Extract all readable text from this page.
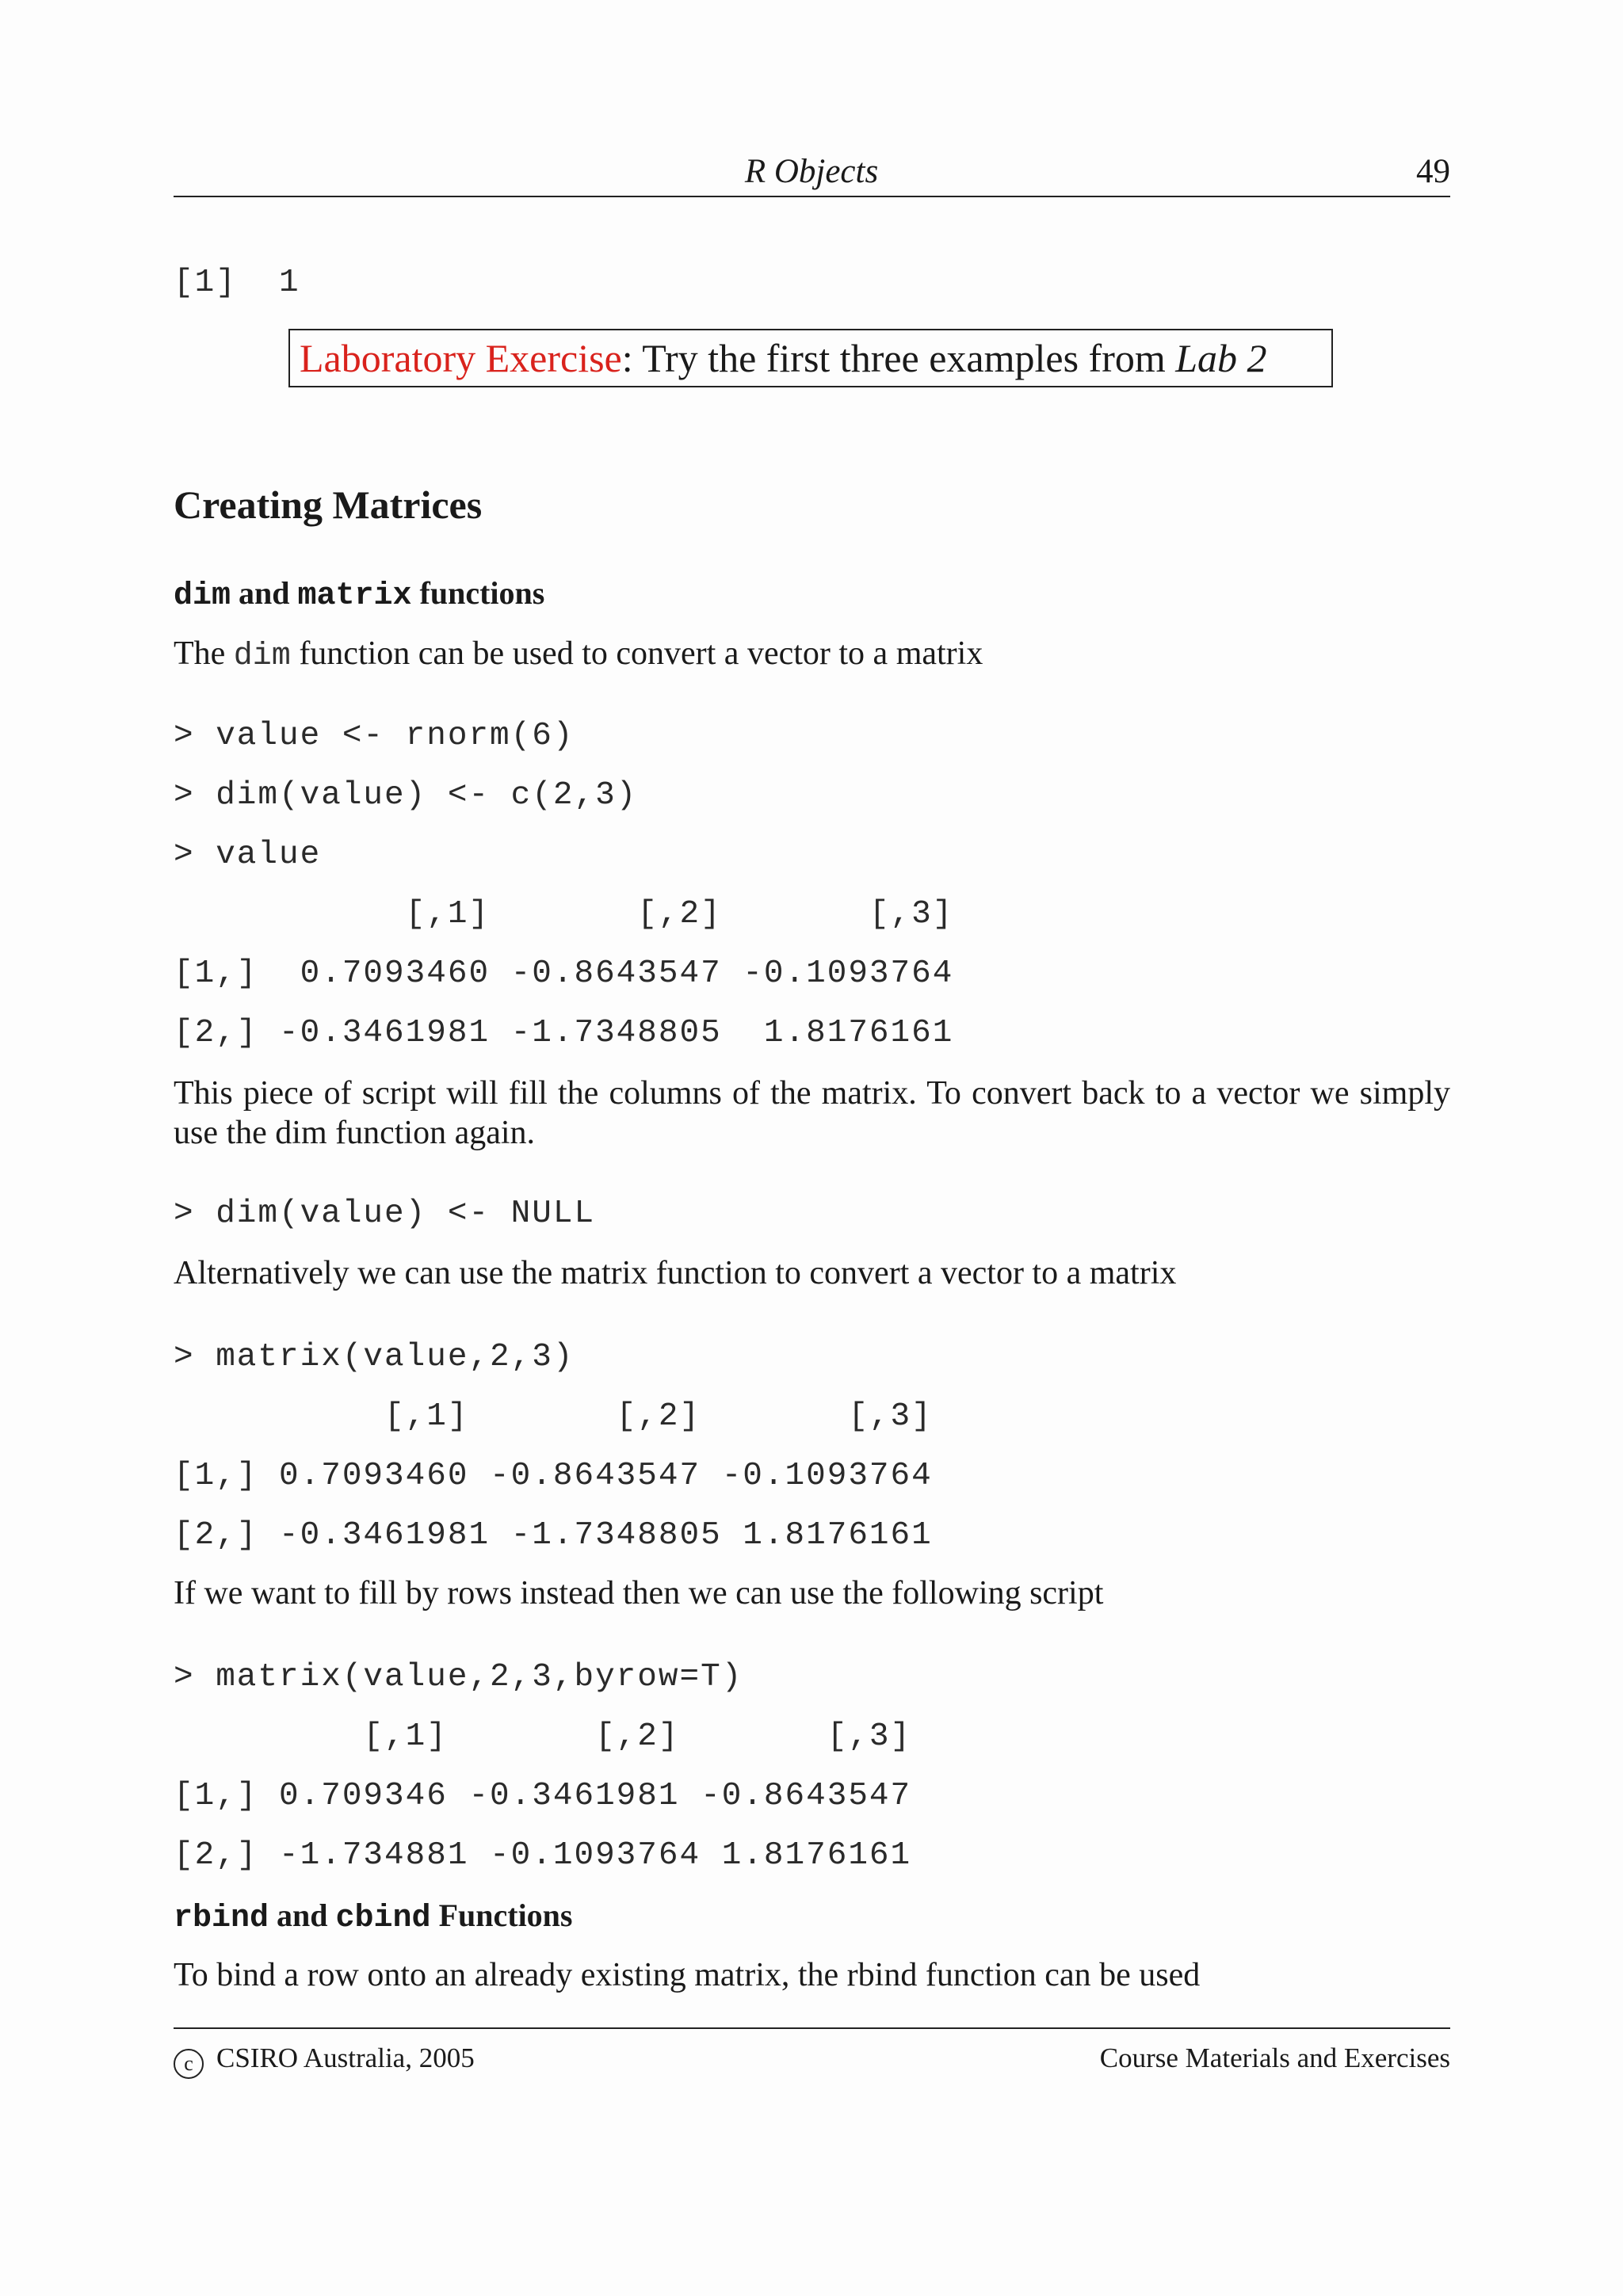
R Objects	49
[1]  1
Laboratory Exercise: Try the first three examples from Lab 2
Creating Matrices
dim and matrix functions
The dim function can be used to convert a vector to a matrix
> value <- rnorm(6)
> dim(value) <- c(2,3)
> value
[,1]       [,2]       [,3]
[1,]  0.7093460 -0.8643547 -0.1093764
[2,] -0.3461981 -1.7348805  1.8176161
This piece of script will fill the columns of the matrix. To convert back to a vector we simply use the dim function again.
> dim(value) <- NULL
Alternatively we can use the matrix function to convert a vector to a matrix
> matrix(value,2,3)
[,1]       [,2]       [,3]
[1,] 0.7093460 -0.8643547 -0.1093764
[2,] -0.3461981 -1.7348805 1.8176161
If we want to fill by rows instead then we can use the following script
> matrix(value,2,3,byrow=T)
[,1]       [,2]       [,3]
[1,] 0.709346 -0.3461981 -0.8643547
[2,] -1.734881 -0.1093764 1.8176161
rbind and cbind Functions
To bind a row onto an already existing matrix, the rbind function can be used
c CSIRO Australia, 2005	Course Materials and Exercises
